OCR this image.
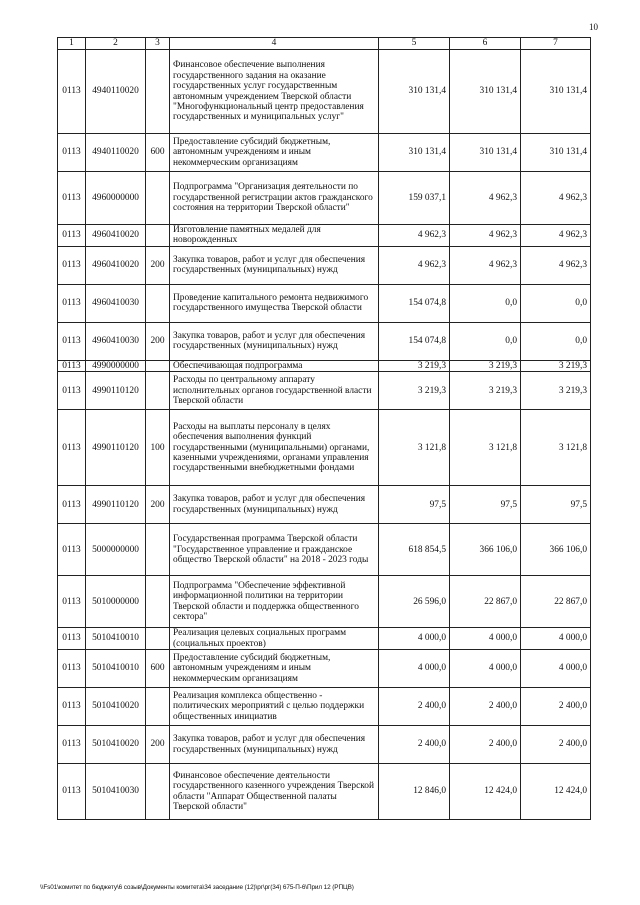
10
1	2	3	4	5	6	7
0113	4940110020		Финансовое обеспечение выполнения государственного задания на оказание государственных услуг государственным автономным учреждением Тверской области "Многофункциональный центр предоставления государственных и муниципальных услуг"	310 131,4	310 131,4	310 131,4
0113	4940110020	600	Предоставление субсидий бюджетным, автономным учреждениям и иным некоммерческим организациям	310 131,4	310 131,4	310 131,4
0113	4960000000		Подпрограмма "Организация деятельности по государственной регистрации актов гражданского состояния на территории Тверской области"	159 037,1	4 962,3	4 962,3
0113	4960410020		Изготовление памятных медалей для новорожденных	4 962,3	4 962,3	4 962,3
0113	4960410020	200	Закупка товаров, работ и услуг для обеспечения государственных (муниципальных) нужд	4 962,3	4 962,3	4 962,3
0113	4960410030		Проведение капитального ремонта недвижимого государственного имущества Тверской области	154 074,8	0,0	0,0
0113	4960410030	200	Закупка товаров, работ и услуг для обеспечения государственных (муниципальных) нужд	154 074,8	0,0	0,0
0113	4990000000		Обеспечивающая подпрограмма	3 219,3	3 219,3	3 219,3
0113	4990110120		Расходы по центральному аппарату исполнительных органов государственной власти Тверской области	3 219,3	3 219,3	3 219,3
0113	4990110120	100	Расходы на выплаты персоналу в целях обеспечения выполнения функций государственными (муниципальными) органами, казенными учреждениями, органами управления государственными внебюджетными фондами	3 121,8	3 121,8	3 121,8
0113	4990110120	200	Закупка товаров, работ и услуг для обеспечения государственных (муниципальных) нужд	97,5	97,5	97,5
0113	5000000000		Государственная программа Тверской области "Государственное управление и гражданское общество Тверской области" на 2018 - 2023 годы	618 854,5	366 106,0	366 106,0
0113	5010000000		Подпрограмма "Обеспечение эффективной информационной политики на территории Тверской области и поддержка общественного сектора"	26 596,0	22 867,0	22 867,0
0113	5010410010		Реализация целевых социальных программ (социальных проектов)	4 000,0	4 000,0	4 000,0
0113	5010410010	600	Предоставление субсидий бюджетным, автономным учреждениям и иным некоммерческим организациям	4 000,0	4 000,0	4 000,0
0113	5010410020		Реализация комплекса общественно - политических мероприятий с целью поддержки общественных инициатив	2 400,0	2 400,0	2 400,0
0113	5010410020	200	Закупка товаров, работ и услуг для обеспечения государственных (муниципальных) нужд	2 400,0	2 400,0	2 400,0
0113	5010410030		Финансовое обеспечение деятельности государственного казенного учреждения Тверской области "Аппарат Общественной палаты Тверской области"	12 846,0	12 424,0	12 424,0
\\Fs01\комитет по бюджету\6 созыв\Документы комитета\34 заседание (12)\рг\рг(34) 675-П-6\Прил 12 (РПЦВ)
